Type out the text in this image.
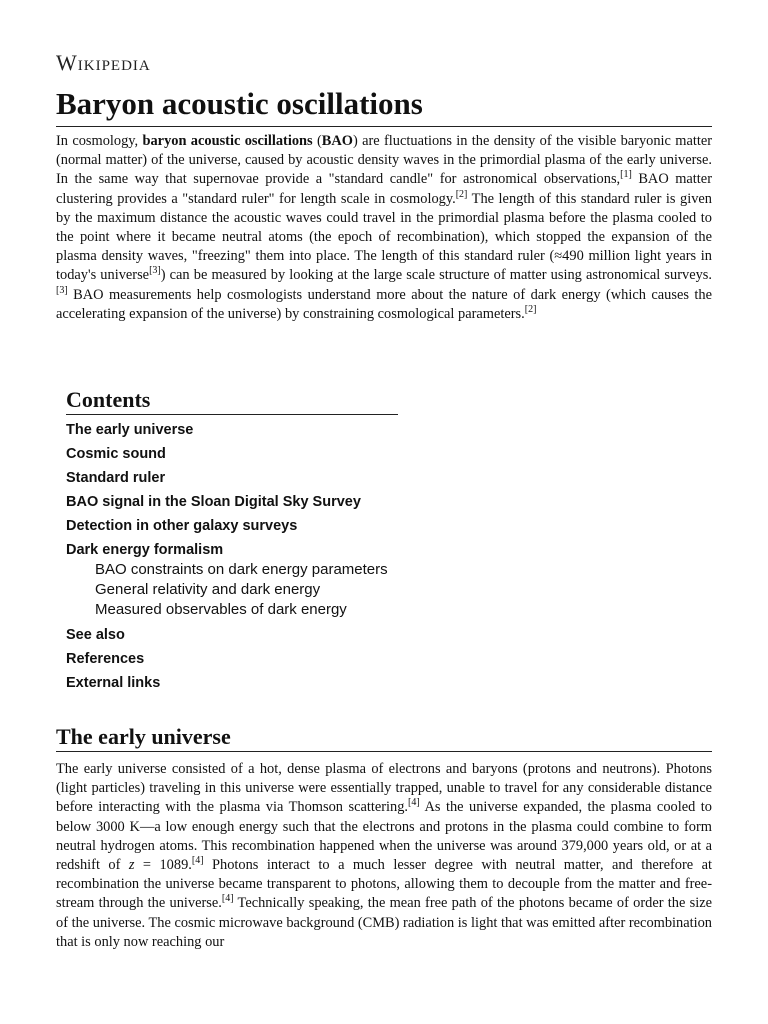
Wikipedia
Baryon acoustic oscillations

In cosmology, baryon acoustic oscillations (BAO) are fluctuations in the density of the visible baryonic matter (normal matter) of the universe, caused by acoustic density waves in the primordial plasma of the early universe. In the same way that supernovae provide a "standard candle" for astronomical observations,[1] BAO matter clustering provides a "standard ruler" for length scale in cosmology.[2] The length of this standard ruler is given by the maximum distance the acoustic waves could travel in the primordial plasma before the plasma cooled to the point where it became neutral atoms (the epoch of recombination), which stopped the expansion of the plasma density waves, "freezing" them into place. The length of this standard ruler (≈490 million light years in today's universe[3]) can be measured by looking at the large scale structure of matter using astronomical surveys.[3] BAO measurements help cosmologists understand more about the nature of dark energy (which causes the accelerating expansion of the universe) by constraining cosmological parameters.[2]

Contents
The early universe
Cosmic sound
Standard ruler
BAO signal in the Sloan Digital Sky Survey
Detection in other galaxy surveys
Dark energy formalism
BAO constraints on dark energy parameters
General relativity and dark energy
Measured observables of dark energy
See also
References
External links
The early universe

The early universe consisted of a hot, dense plasma of electrons and baryons (protons and neutrons). Photons (light particles) traveling in this universe were essentially trapped, unable to travel for any considerable distance before interacting with the plasma via Thomson scattering.[4] As the universe expanded, the plasma cooled to below 3000 K—a low enough energy such that the electrons and protons in the plasma could combine to form neutral hydrogen atoms. This recombination happened when the universe was around 379,000 years old, or at a redshift of z = 1089.[4] Photons interact to a much lesser degree with neutral matter, and therefore at recombination the universe became transparent to photons, allowing them to decouple from the matter and free-stream through the universe.[4] Technically speaking, the mean free path of the photons became of order the size of the universe. The cosmic microwave background (CMB) radiation is light that was emitted after recombination that is only now reaching our
